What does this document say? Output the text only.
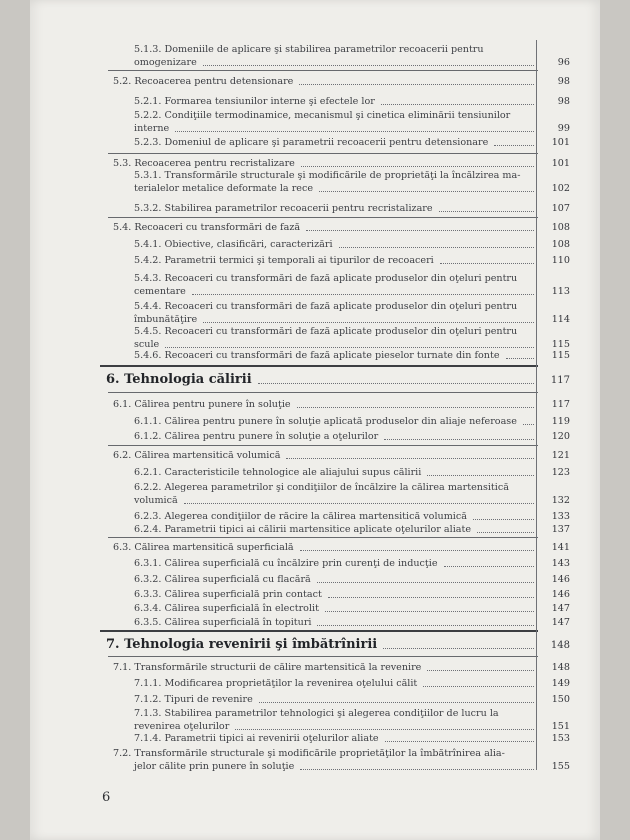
5.1.3. Domeniile de aplicare şi stabilirea parametrilor recoacerii pentru
omogenizare	96
5.2. Recoacerea pentru detensionare	98
5.2.1. Formarea tensiunilor interne şi efectele lor	98
5.2.2. Condiţiile termodinamice, mecanismul şi cinetica eliminării tensiunilor
interne	99
5.2.3. Domeniul de aplicare şi parametrii recoacerii pentru detensionare	101
5.3. Recoacerea pentru recristalizare	101
5.3.1. Transformările structurale şi modificările de proprietăţi la încălzirea ma-
terialelor metalice deformate la rece	102
5.3.2. Stabilirea parametrilor recoacerii pentru recristalizare	107
5.4. Recoaceri cu transformări de fază	108
5.4.1. Obiective, clasificări, caracterizări	108
5.4.2. Parametrii termici şi temporali ai tipurilor de recoaceri	110
5.4.3. Recoaceri cu transformări de fază aplicate produselor din oţeluri pentru
cementare	113
5.4.4. Recoaceri cu transformări de fază aplicate produselor din oţeluri pentru
îmbunătăţire	114
5.4.5. Recoaceri cu transformări de fază aplicate produselor din oţeluri pentru
scule	115
5.4.6. Recoaceri cu transformări de fază aplicate pieselor turnate din fonte	115
6. Tehnologia călirii	117
6.1. Călirea pentru punere în soluţie	117
6.1.1. Călirea pentru punere în soluţie aplicată produselor din aliaje neferoase	119
6.1.2. Călirea pentru punere în soluţie a oţelurilor	120
6.2. Călirea martensitică volumică	121
6.2.1. Caracteristicile tehnologice ale aliajului supus călirii	123
6.2.2. Alegerea parametrilor şi condiţiilor de încălzire la călirea martensitică
volumică	132
6.2.3. Alegerea condiţiilor de răcire la călirea martensitică volumică	133
6.2.4. Parametrii tipici ai călirii martensitice aplicate oţelurilor aliate	137
6.3. Călirea martensitică superficială	141
6.3.1. Călirea superficială cu încălzire prin curenţi de inducţie	143
6.3.2. Călirea superficială cu flacără	146
6.3.3. Călirea superficială prin contact	146
6.3.4. Călirea superficială în electrolit	147
6.3.5. Călirea superficială în topituri	147
7. Tehnologia revenirii şi îmbătrînirii	148
7.1. Transformările structurii de călire martensitică la revenire	148
7.1.1. Modificarea proprietăţilor la revenirea oţelului călit	149
7.1.2. Tipuri de revenire	150
7.1.3. Stabilirea parametrilor tehnologici şi alegerea condiţiilor de lucru la
revenirea oţelurilor	151
7.1.4. Parametrii tipici ai revenirii oţelurilor aliate	153
7.2. Transformările structurale şi modificările proprietăţilor la îmbătrînirea alia-
jelor călite prin punere în soluţie	155
6
